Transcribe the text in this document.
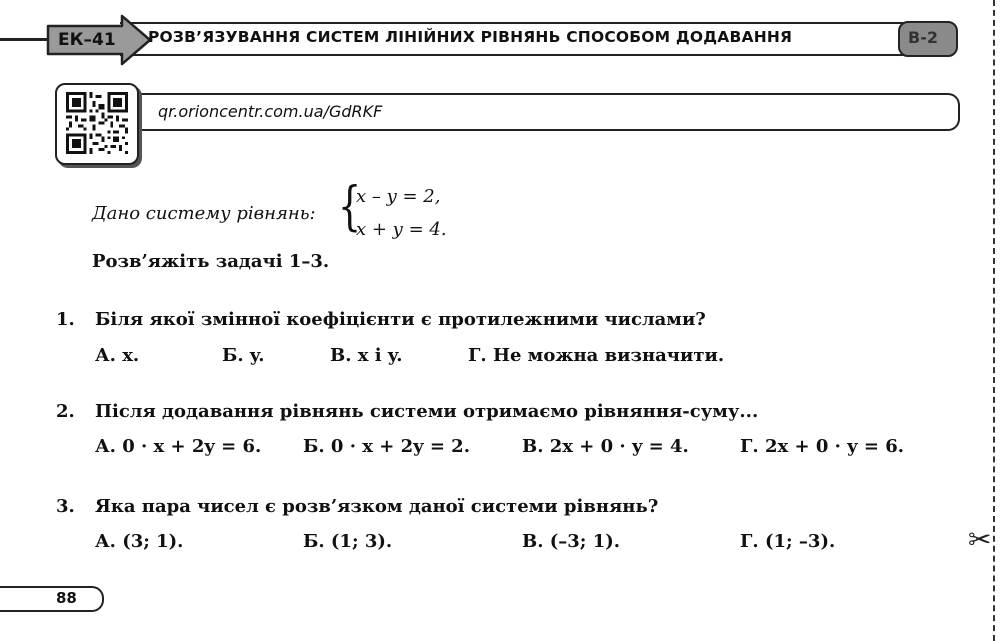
ЕК–41 РОЗВ’ЯЗУВАННЯ СИСТЕМ ЛІНІЙНИХ РІВНЯНЬ СПОСОБОМ ДОДАВАННЯ	В-2
✂
qr.orioncentr.com.ua/GdRKF
Дано систему рівнянь: {
x – y = 2,
x + y = 4.
Розв’яжіть задачі 1–3.
1. Біля якої змінної коефіцієнти є протилежними числами?
А. x.	Б. y.	В. x і y.	Г. Не можна визначити.
2. Після додавання рівнянь системи отримаємо рівняння-суму...
А. 0 · x + 2y = 6. Б. 0 · x + 2y = 2.	В. 2x + 0 · y = 4.	Г. 2x + 0 · y = 6.
3. Яка пара чисел є розв’язком даної системи рівнянь?
А. (3; 1).	Б. (1; 3).	В. (–3; 1).	Г. (1; –3).
88
